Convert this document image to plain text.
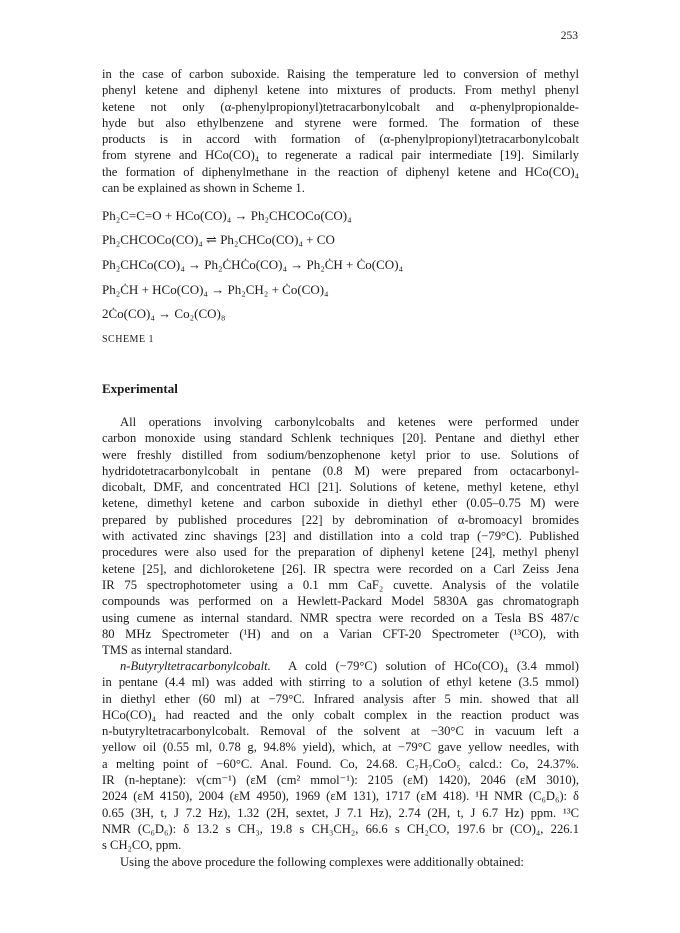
253

in the case of carbon suboxide. Raising the temperature led to conversion of methyl
phenyl ketene and diphenyl ketene into mixtures of products. From methyl phenyl
ketene not only (α-phenylpropionyl)tetracarbonylcobalt and α-phenylpropionalde-
hyde but also ethylbenzene and styrene were formed. The formation of these
products is in accord with formation of (α-phenylpropionyl)tetracarbonylcobalt
from styrene and HCo(CO)₄ to regenerate a radical pair intermediate [19]. Similarly
the formation of diphenylmethane in the reaction of diphenyl ketene and HCo(CO)₄
can be explained as shown in Scheme 1.

Ph₂C=C=O + HCo(CO)₄ → Ph₂CHCOCo(CO)₄
Ph₂CHCOCo(CO)₄ ⇌ Ph₂CHCo(CO)₄ + CO
Ph₂CHCo(CO)₄ → Ph₂ĊHĊo(CO)₄ → Ph₂ĊH + Ċo(CO)₄
Ph₂ĊH + HCo(CO)₄ → Ph₂CH₂ + Ċo(CO)₄
2Ċo(CO)₄ → Co₂(CO)₈
SCHEME 1
Experimental

All operations involving carbonylcobalts and ketenes were performed under
carbon monoxide using standard Schlenk techniques [20]. Pentane and diethyl ether
were freshly distilled from sodium/benzophenone ketyl prior to use. Solutions of
hydridotetracarbonylcobalt in pentane (0.8 M) were prepared from octacarbonyl-
dicobalt, DMF, and concentrated HCl [21]. Solutions of ketene, methyl ketene, ethyl
ketene, dimethyl ketene and carbon suboxide in diethyl ether (0.05–0.75 M) were
prepared by published procedures [22] by debromination of α-bromoacyl bromides
with activated zinc shavings [23] and distillation into a cold trap (−79°C). Published
procedures were also used for the preparation of diphenyl ketene [24], methyl phenyl
ketene [25], and dichloroketene [26]. IR spectra were recorded on a Carl Zeiss Jena
IR 75 spectrophotometer using a 0.1 mm CaF₂ cuvette. Analysis of the volatile
compounds was performed on a Hewlett-Packard Model 5830A gas chromatograph
using cumene as internal standard. NMR spectra were recorded on a Tesla BS 487/c
80 MHz Spectrometer (¹H) and on a Varian CFT-20 Spectrometer (¹³CO), with
TMS as internal standard.

n-Butyryltetracarbonylcobalt. A cold (−79°C) solution of HCo(CO)₄ (3.4 mmol)
in pentane (4.4 ml) was added with stirring to a solution of ethyl ketene (3.5 mmol)
in diethyl ether (60 ml) at −79°C. Infrared analysis after 5 min. showed that all
HCo(CO)₄ had reacted and the only cobalt complex in the reaction product was
n-butyryltetracarbonylcobalt. Removal of the solvent at −30°C in vacuum left a
yellow oil (0.55 ml, 0.78 g, 94.8% yield), which, at −79°C gave yellow needles, with
a melting point of −60°C. Anal. Found. Co, 24.68. C₇H₇CoO₅ calcd.: Co, 24.37%.
IR (n-heptane): ν(cm⁻¹) (εM (cm² mmol⁻¹): 2105 (εM) 1420), 2046 (εM 3010),
2024 (εM 4150), 2004 (εM 4950), 1969 (εM 131), 1717 (εM 418). ¹H NMR (C₆D₆): δ
0.65 (3H, t, J 7.2 Hz), 1.32 (2H, sextet, J 7.1 Hz), 2.74 (2H, t, J 6.7 Hz) ppm. ¹³C
NMR (C₆D₆): δ 13.2 s CH₃, 19.8 s CH₃CH₂, 66.6 s CH₂CO, 197.6 br (CO)₄, 226.1
s CH₂CO, ppm.

Using the above procedure the following complexes were additionally obtained:
